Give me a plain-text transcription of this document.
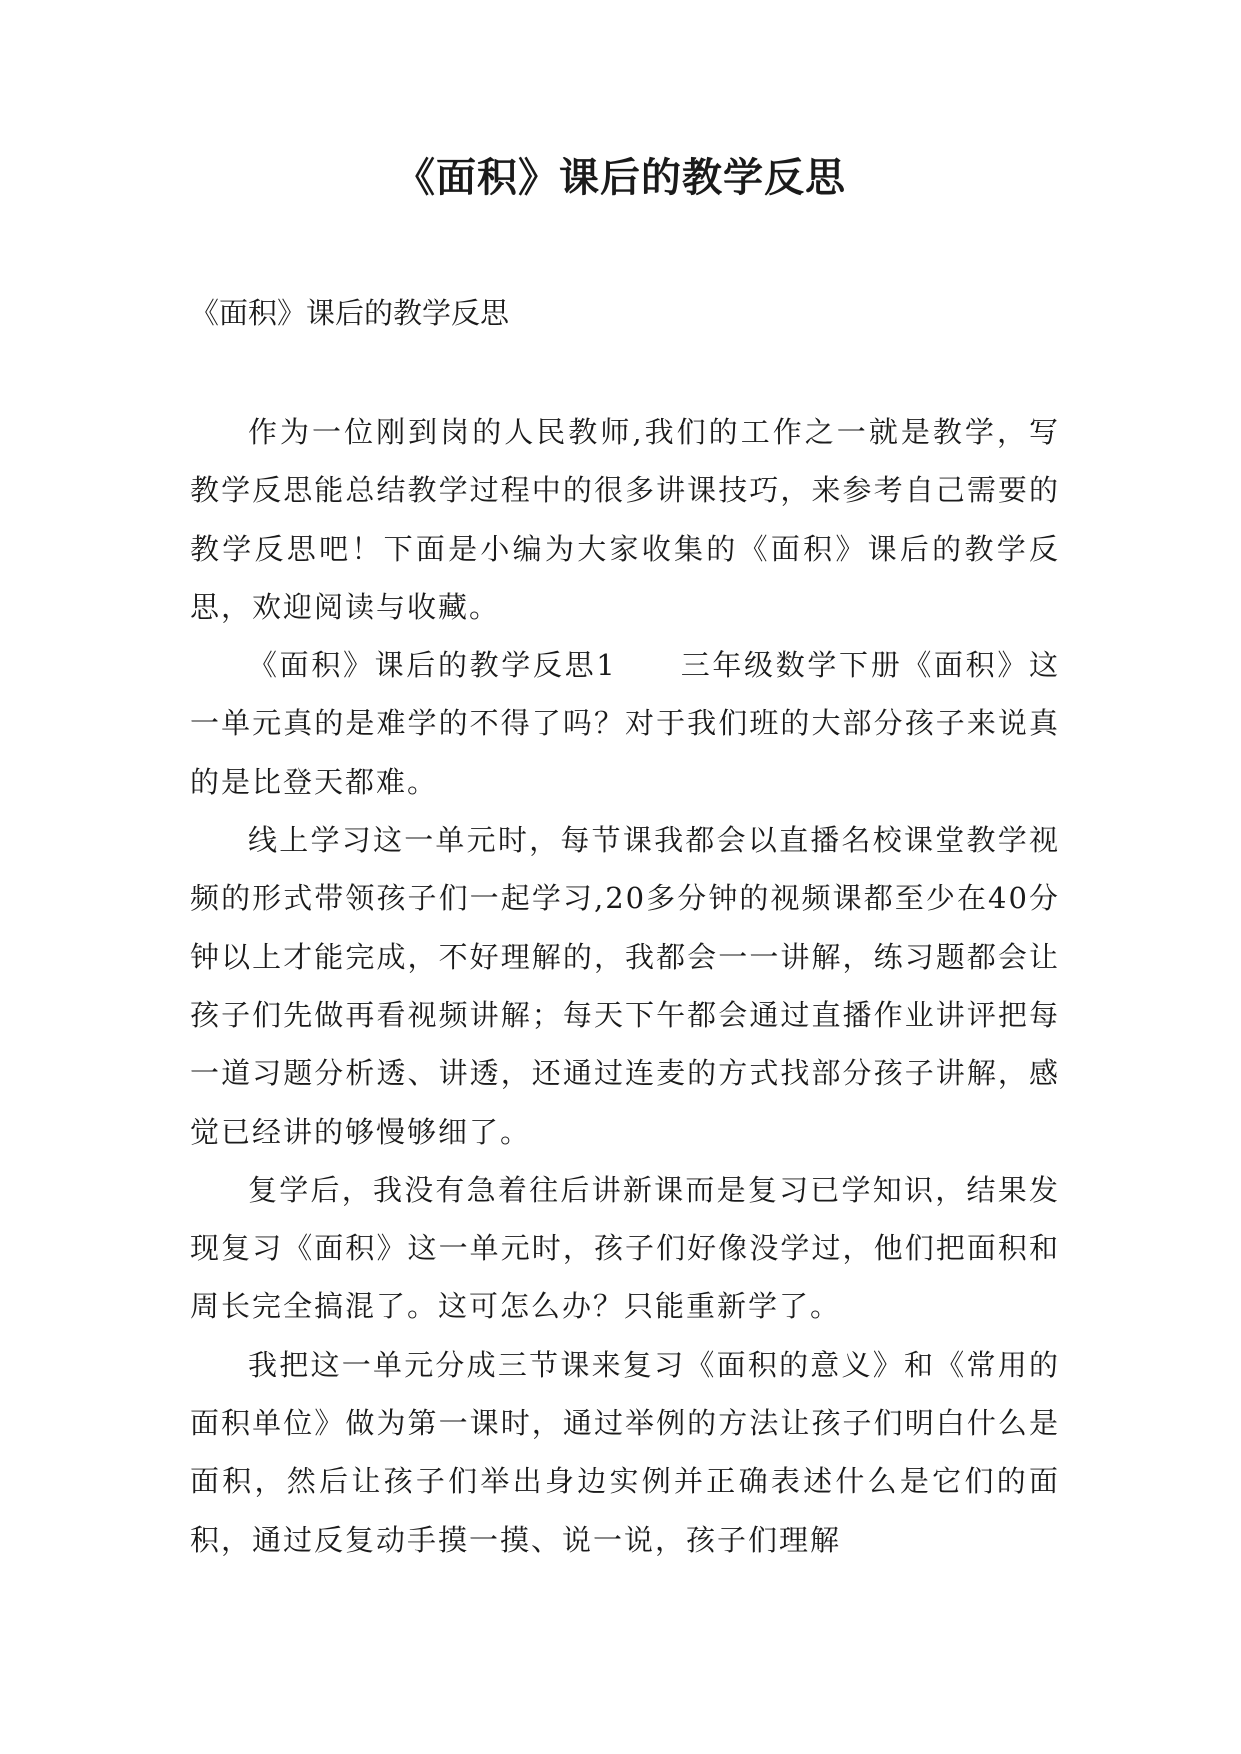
《面积》课后的教学反思

《面积》课后的教学反思

作为一位刚到岗的人民教师,我们的工作之一就是教学，写教学反思能总结教学过程中的很多讲课技巧，来参考自己需要的教学反思吧！下面是小编为大家收集的《面积》课后的教学反思，欢迎阅读与收藏。

《面积》课后的教学反思1　　三年级数学下册《面积》这一单元真的是难学的不得了吗？对于我们班的大部分孩子来说真的是比登天都难。

线上学习这一单元时，每节课我都会以直播名校课堂教学视频的形式带领孩子们一起学习,20多分钟的视频课都至少在40分钟以上才能完成，不好理解的，我都会一一讲解，练习题都会让孩子们先做再看视频讲解；每天下午都会通过直播作业讲评把每一道习题分析透、讲透，还通过连麦的方式找部分孩子讲解，感觉已经讲的够慢够细了。

复学后，我没有急着往后讲新课而是复习已学知识，结果发现复习《面积》这一单元时，孩子们好像没学过，他们把面积和周长完全搞混了。这可怎么办？只能重新学了。

我把这一单元分成三节课来复习《面积的意义》和《常用的面积单位》做为第一课时，通过举例的方法让孩子们明白什么是面积，然后让孩子们举出身边实例并正确表述什么是它们的面积，通过反复动手摸一摸、说一说，孩子们理解
